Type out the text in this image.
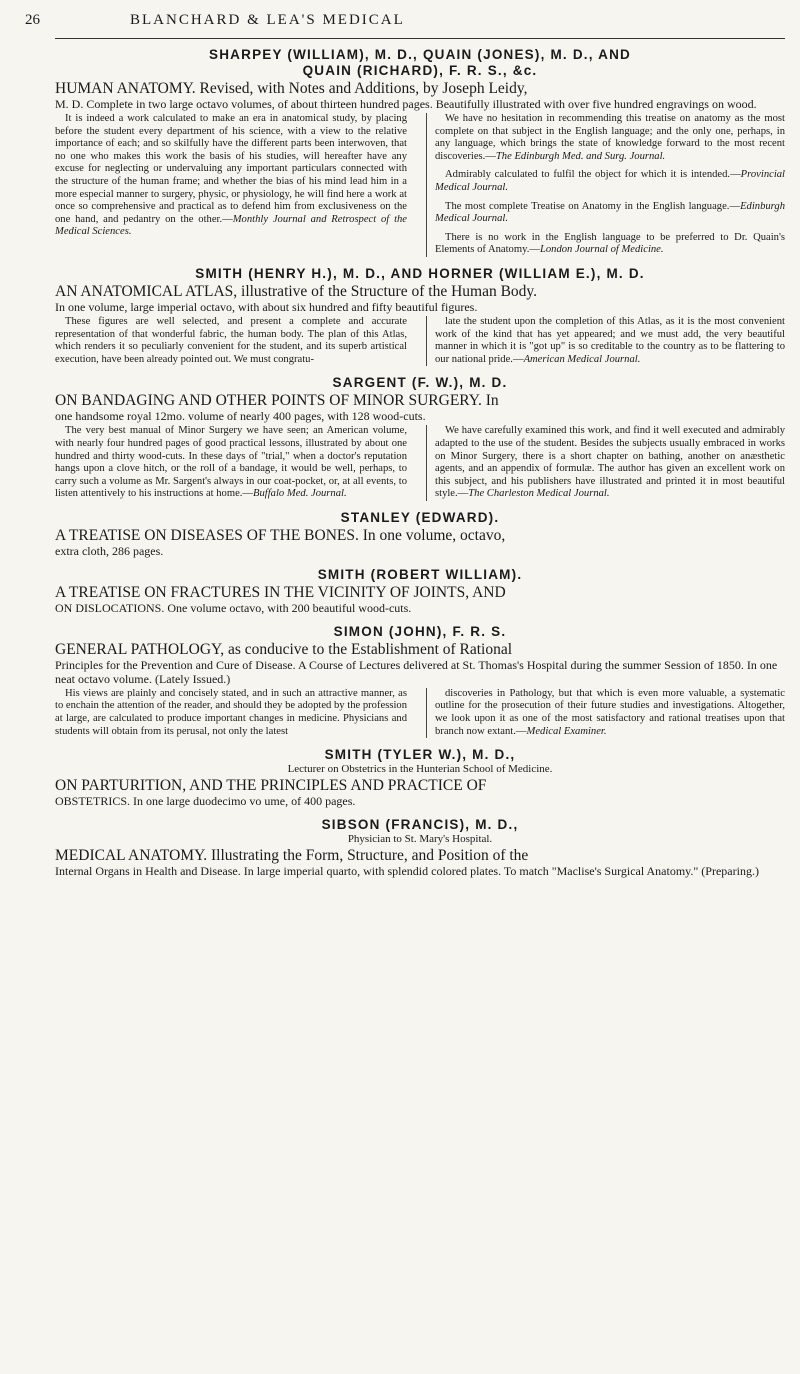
26	BLANCHARD & LEA'S MEDICAL

SHARPEY (WILLIAM), M. D., QUAIN (JONES), M. D., AND

QUAIN (RICHARD), F. R. S., &c.

HUMAN ANATOMY. Revised, with Notes and Additions, by Joseph Leidy,

M. D. Complete in two large octavo volumes, of about thirteen hundred pages. Beautifully illustrated with over five hundred engravings on wood.

It is indeed a work calculated to make an era in anatomical study, by placing before the student every department of his science, with a view to the relative importance of each; and so skilfully have the different parts been interwoven, that no one who makes this work the basis of his studies, will hereafter have any excuse for neglecting or undervaluing any important particulars connected with the structure of the human frame; and whether the bias of his mind lead him in a more especial manner to surgery, physic, or physiology, he will find here a work at once so comprehensive and practical as to defend him from exclusiveness on the one hand, and pedantry on the other.—Monthly Journal and Retrospect of the Medical Sciences.

We have no hesitation in recommending this treatise on anatomy as the most complete on that subject in the English language; and the only one, perhaps, in any language, which brings the state of knowledge forward to the most recent discoveries.—The Edinburgh Med. and Surg. Journal.

Admirably calculated to fulfil the object for which it is intended.—Provincial Medical Journal.

The most complete Treatise on Anatomy in the English language.—Edinburgh Medical Journal.

There is no work in the English language to be preferred to Dr. Quain's Elements of Anatomy.—London Journal of Medicine.

SMITH (HENRY H.), M. D., AND HORNER (WILLIAM E.), M. D.

AN ANATOMICAL ATLAS, illustrative of the Structure of the Human Body.

In one volume, large imperial octavo, with about six hundred and fifty beautiful figures.

These figures are well selected, and present a complete and accurate representation of that wonderful fabric, the human body. The plan of this Atlas, which renders it so peculiarly convenient for the student, and its superb artistical execution, have been already pointed out. We must congratu-

late the student upon the completion of this Atlas, as it is the most convenient work of the kind that has yet appeared; and we must add, the very beautiful manner in which it is "got up" is so creditable to the country as to be flattering to our national pride.—American Medical Journal.

SARGENT (F. W.), M. D.

ON BANDAGING AND OTHER POINTS OF MINOR SURGERY. In

one handsome royal 12mo. volume of nearly 400 pages, with 128 wood-cuts.

The very best manual of Minor Surgery we have seen; an American volume, with nearly four hundred pages of good practical lessons, illustrated by about one hundred and thirty wood-cuts. In these days of "trial," when a doctor's reputation hangs upon a clove hitch, or the roll of a bandage, it would be well, perhaps, to carry such a volume as Mr. Sargent's always in our coat-pocket, or, at all events, to listen attentively to his instructions at home.—Buffalo Med. Journal.

We have carefully examined this work, and find it well executed and admirably adapted to the use of the student. Besides the subjects usually embraced in works on Minor Surgery, there is a short chapter on bathing, another on anæsthetic agents, and an appendix of formulæ. The author has given an excellent work on this subject, and his publishers have illustrated and printed it in most beautiful style.—The Charleston Medical Journal.

STANLEY (EDWARD).

A TREATISE ON DISEASES OF THE BONES. In one volume, octavo,

extra cloth, 286 pages.

SMITH (ROBERT WILLIAM).

A TREATISE ON FRACTURES IN THE VICINITY OF JOINTS, AND

ON DISLOCATIONS. One volume octavo, with 200 beautiful wood-cuts.

SIMON (JOHN), F. R. S.

GENERAL PATHOLOGY, as conducive to the Establishment of Rational

Principles for the Prevention and Cure of Disease. A Course of Lectures delivered at St. Thomas's Hospital during the summer Session of 1850. In one neat octavo volume. (Lately Issued.)

His views are plainly and concisely stated, and in such an attractive manner, as to enchain the attention of the reader, and should they be adopted by the profession at large, are calculated to produce important changes in medicine. Physicians and students will obtain from its perusal, not only the latest

discoveries in Pathology, but that which is even more valuable, a systematic outline for the prosecution of their future studies and investigations. Altogether, we look upon it as one of the most satisfactory and rational treatises upon that branch now extant.—Medical Examiner.

SMITH (TYLER W.), M. D.,

Lecturer on Obstetrics in the Hunterian School of Medicine.

ON PARTURITION, AND THE PRINCIPLES AND PRACTICE OF

OBSTETRICS. In one large duodecimo vo ume, of 400 pages.

SIBSON (FRANCIS), M. D.,

Physician to St. Mary's Hospital.

MEDICAL ANATOMY. Illustrating the Form, Structure, and Position of the

Internal Organs in Health and Disease. In large imperial quarto, with splendid colored plates. To match "Maclise's Surgical Anatomy." (Preparing.)
